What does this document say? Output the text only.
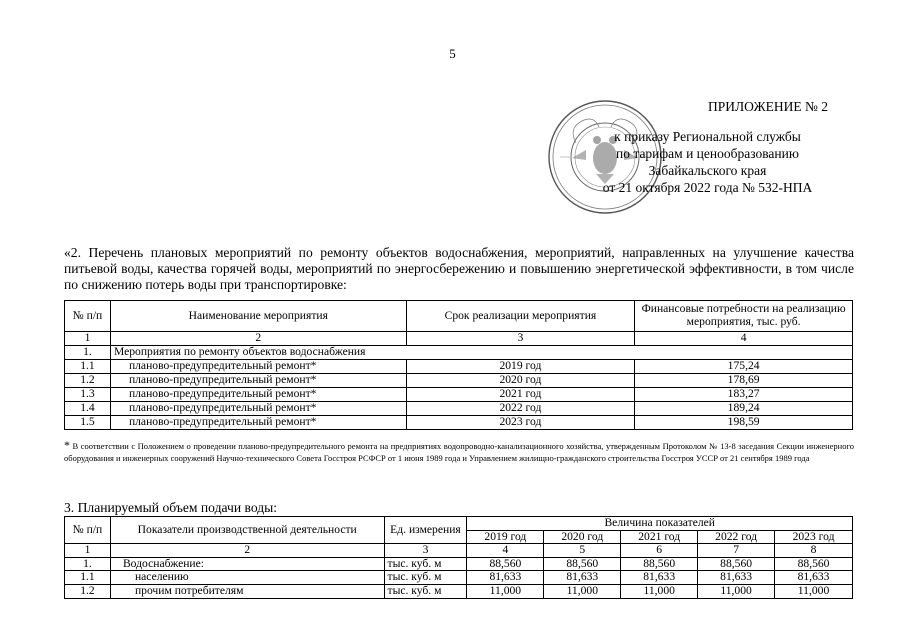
5
ПРИЛОЖЕНИЕ № 2
к приказу Региональной службы
по тарифам и ценообразованию
Забайкальского края
от 21 октября 2022 года № 532-НПА
«2. Перечень плановых мероприятий по ремонту объектов водоснабжения, мероприятий, направленных на улучшение качества питьевой воды, качества горячей воды, мероприятий по энергосбережению и повышению энергетической эффективности, в том числе по снижению потерь воды при транспортировке:
№ п/п	Наименование мероприятия	Срок реализации мероприятия	Финансовые потребности на реализацию мероприятия, тыс. руб.
1	2	3	4
1.	Мероприятия по ремонту объектов водоснабжения		
1.1	планово-предупредительный ремонт*	2019 год	175,24
1.2	планово-предупредительный ремонт*	2020 год	178,69
1.3	планово-предупредительный ремонт*	2021 год	183,27
1.4	планово-предупредительный ремонт*	2022 год	189,24
1.5	планово-предупредительный ремонт*	2023 год	198,59
* В соответствии с Положением о проведении планово-предупредительного ремонта на предприятиях водопроводно-канализационного хозяйства, утвержденным Протоколом № 13-8 заседания Секции инженерного оборудования и инженерных сооружений Научно-технического Совета Госстроя РСФСР от 1 июня 1989 года и Управлением жилищно-гражданского строительства Госстроя УССР от 21 сентября 1989 года
3. Планируемый объем подачи воды:
№ п/п	Показатели производственной деятельности	Ед. измерения	Величина показателей				
			2019 год	2020 год	2021 год	2022 год	2023 год
1	2	3	4	5	6	7	8
1.	Водоснабжение:	тыс. куб. м	88,560	88,560	88,560	88,560	88,560
1.1	населению	тыс. куб. м	81,633	81,633	81,633	81,633	81,633
1.2	прочим потребителям	тыс. куб. м	11,000	11,000	11,000	11,000	11,000
